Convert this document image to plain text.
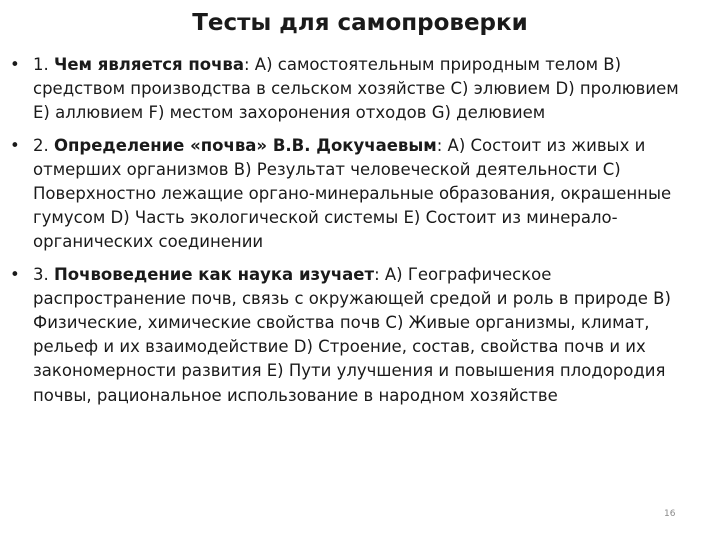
Тесты для самопроверки
• 1. Чем является почва: А) самостоятельным природным телом В) средством производства в сельском хозяйстве С) элювием D) пролювием Е) аллювием F) местом захоронения отходов G) делювием
• 2. Определение «почва» В.В. Докучаевым: А) Состоит из живых и отмерших организмов В) Результат человеческой деятельности С) Поверхностно лежащие органо-минеральные образования, окрашенные гумусом D) Часть экологической системы Е) Состоит из минерало-органических соединении
• 3. Почвоведение как наука изучает: А) Географическое распространение почв, связь с окружающей средой и роль в природе В) Физические, химические свойства почв С) Живые организмы, климат, рельеф и их взаимодействие D) Строение, состав, свойства почв и их закономерности развития Е) Пути улучшения и повышения плодородия почвы, рациональное использование в народном хозяйстве
16
